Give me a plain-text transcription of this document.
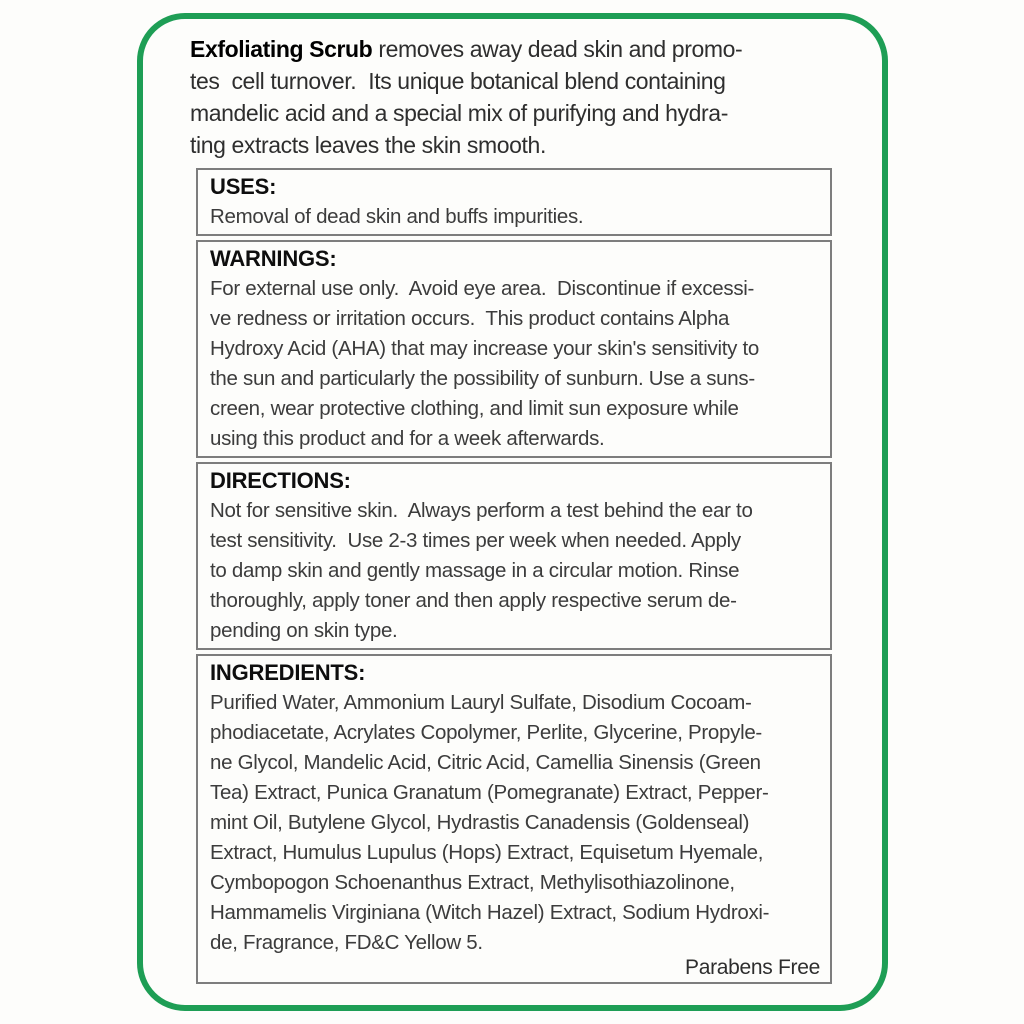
Exfoliating Scrub removes away dead skin and promo-
tes  cell turnover.  Its unique botanical blend containing
mandelic acid and a special mix of purifying and hydra-
ting extracts leaves the skin smooth.
USES:
Removal of dead skin and buffs impurities.
WARNINGS:
For external use only.  Avoid eye area.  Discontinue if excessi-
ve redness or irritation occurs.  This product contains Alpha
Hydroxy Acid (AHA) that may increase your skin's sensitivity to
the sun and particularly the possibility of sunburn. Use a suns-
creen, wear protective clothing, and limit sun exposure while
using this product and for a week afterwards.
DIRECTIONS:
Not for sensitive skin.  Always perform a test behind the ear to
test sensitivity.  Use 2-3 times per week when needed. Apply
to damp skin and gently massage in a circular motion. Rinse
thoroughly, apply toner and then apply respective serum de-
pending on skin type.
INGREDIENTS:
Purified Water, Ammonium Lauryl Sulfate, Disodium Cocoam-
phodiacetate, Acrylates Copolymer, Perlite, Glycerine, Propyle-
ne Glycol, Mandelic Acid, Citric Acid, Camellia Sinensis (Green
Tea) Extract, Punica Granatum (Pomegranate) Extract, Pepper-
mint Oil, Butylene Glycol, Hydrastis Canadensis (Goldenseal)
Extract, Humulus Lupulus (Hops) Extract, Equisetum Hyemale,
Cymbopogon Schoenanthus Extract, Methylisothiazolinone,
Hammamelis Virginiana (Witch Hazel) Extract, Sodium Hydroxi-
de, Fragrance, FD&C Yellow 5.
Parabens Free
